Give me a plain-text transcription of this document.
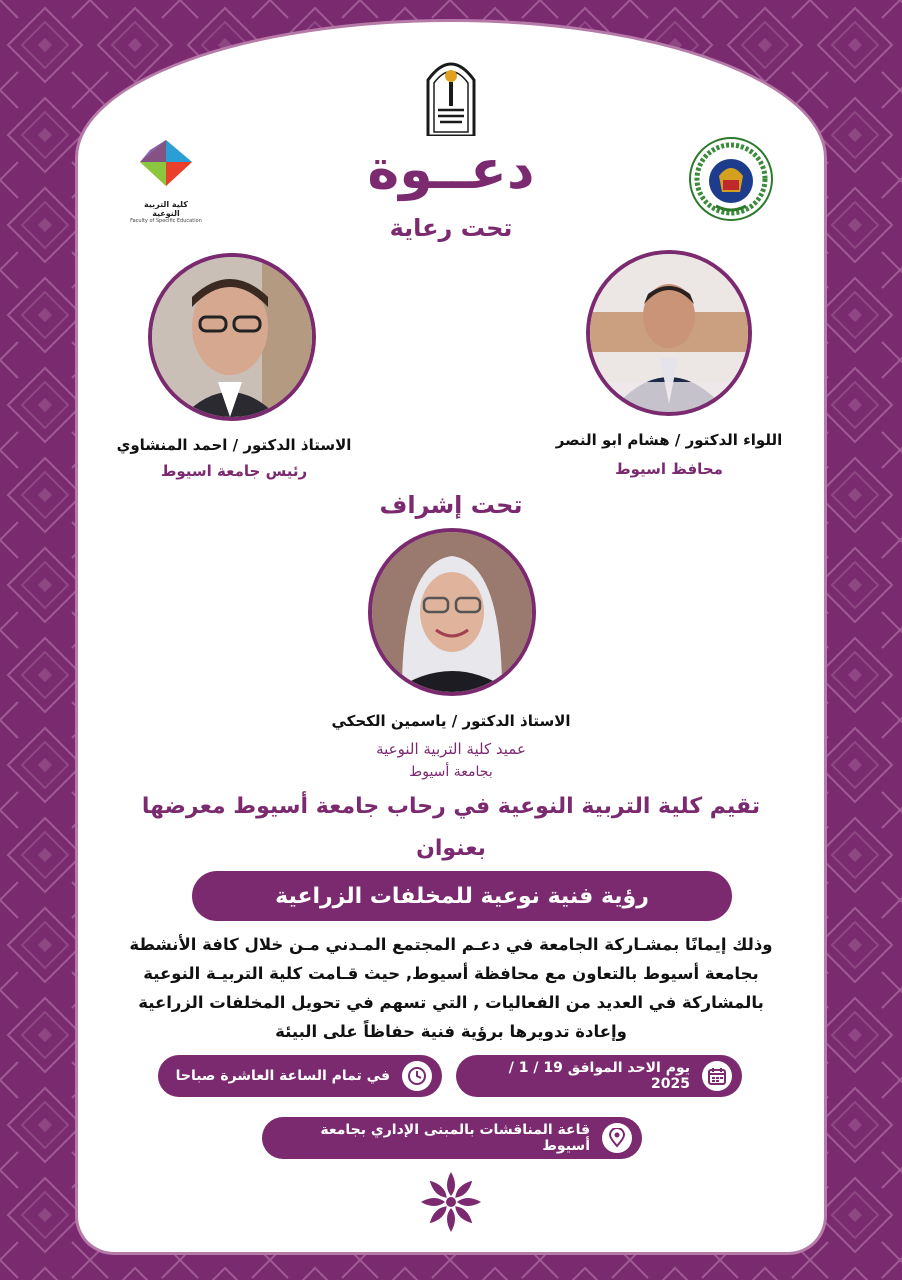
كلية التربية النوعية
Faculty of Specific Education
دعــوة
تحت رعاية
الاستاذ الدكتور / احمد المنشاوي
رئيس جامعة اسيوط
اللواء الدكتور / هشام ابو النصر
محافظ اسيوط
تحت إشراف
الاستاذ الدكتور / ياسمين الكحكي
عميد كلية التربية النوعية
بجامعة أسيوط
تقيم كلية التربية النوعية في رحاب جامعة أسيوط معرضها
بعنوان
رؤية فنية نوعية للمخلفات الزراعية
وذلك إيمانًا بمشـاركة الجامعة في دعـم المجتمع المـدني مـن خلال كافة الأنشطة
بجامعة أسيوط بالتعاون مع محافظة أسيوط, حيث قـامت كلية التربيـة النوعية
بالمشاركة في العديد من الفعاليات , التي تسهم في تحويل المخلفات الزراعية
وإعادة تدويرها برؤية فنية حفاظاً على البيئة
يوم الاحد الموافق 19 / 1 / 2025
في تمام الساعة العاشرة صباحا
قاعة المناقشات بالمبنى الإداري بجامعة أسيوط
